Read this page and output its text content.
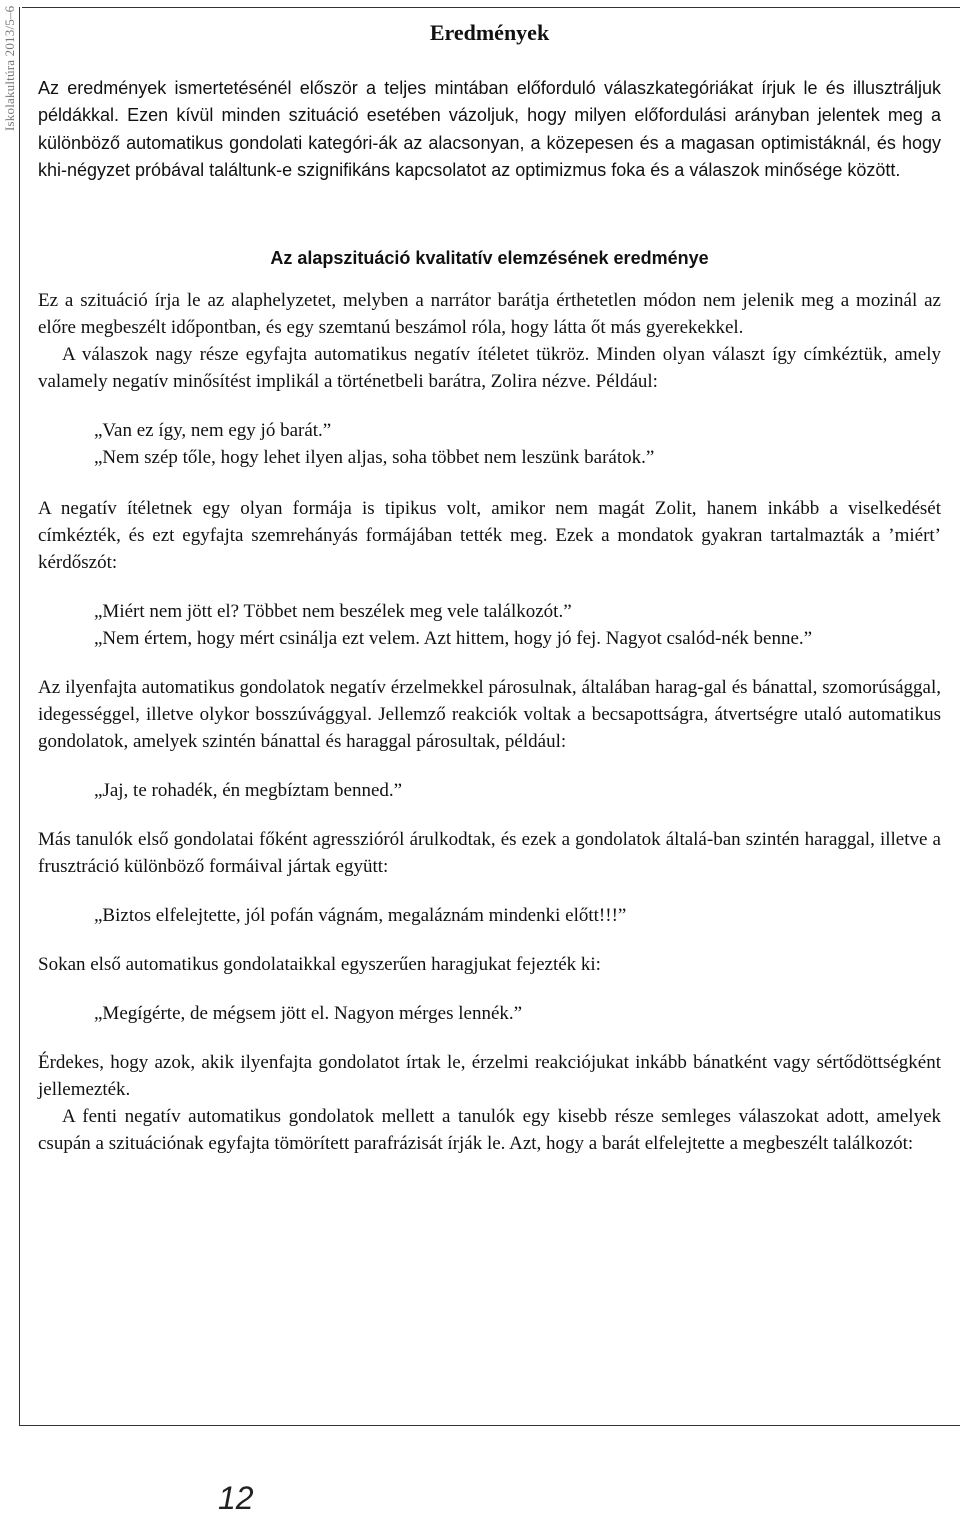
Iskolakultúra 2013/5–6	Eredmények

Az eredmények ismertetésénél először a teljes mintában előforduló válaszkategóriákat írjuk le és illusztráljuk példákkal. Ezen kívül minden szituáció esetében vázoljuk, hogy milyen előfordulási arányban jelentek meg a különböző automatikus gondolati kategóri-ák az alacsonyan, a közepesen és a magasan optimistáknál, és hogy khi-négyzet próbával találtunk-e szignifikáns kapcsolatot az optimizmus foka és a válaszok minősége között.

Az alapszituáció kvalitatív elemzésének eredménye

Ez a szituáció írja le az alaphelyzetet, melyben a narrátor barátja érthetetlen módon nem jelenik meg a mozinál az előre megbeszélt időpontban, és egy szemtanú beszámol róla, hogy látta őt más gyerekekkel.

A válaszok nagy része egyfajta automatikus negatív ítéletet tükröz. Minden olyan választ így címkéztük, amely valamely negatív minősítést implikál a történetbeli barátra, Zolira nézve. Például:

„Van ez így, nem egy jó barát.”

„Nem szép tőle, hogy lehet ilyen aljas, soha többet nem leszünk barátok.”

A negatív ítéletnek egy olyan formája is tipikus volt, amikor nem magát Zolit, hanem inkább a viselkedését címkézték, és ezt egyfajta szemrehányás formájában tették meg. Ezek a mondatok gyakran tartalmazták a ’miért’ kérdőszót:

„Miért nem jött el? Többet nem beszélek meg vele találkozót.”

„Nem értem, hogy mért csinálja ezt velem. Azt hittem, hogy jó fej. Nagyot csalód-nék benne.”

Az ilyenfajta automatikus gondolatok negatív érzelmekkel párosulnak, általában harag-gal és bánattal, szomorúsággal, idegességgel, illetve olykor bosszúvággyal. Jellemző reakciók voltak a becsapottságra, átvertségre utaló automatikus gondolatok, amelyek szintén bánattal és haraggal párosultak, például:

„Jaj, te rohadék, én megbíztam benned.”

Más tanulók első gondolatai főként agresszióról árulkodtak, és ezek a gondolatok általá-ban szintén haraggal, illetve a frusztráció különböző formáival jártak együtt:

„Biztos elfelejtette, jól pofán vágnám, megaláznám mindenki előtt!!!”

Sokan első automatikus gondolataikkal egyszerűen haragjukat fejezték ki:

„Megígérte, de mégsem jött el. Nagyon mérges lennék.”

Érdekes, hogy azok, akik ilyenfajta gondolatot írtak le, érzelmi reakciójukat inkább bánatként vagy sértődöttségként jellemezték.

A fenti negatív automatikus gondolatok mellett a tanulók egy kisebb része semleges válaszokat adott, amelyek csupán a szituációnak egyfajta tömörített parafrázisát írják le. Azt, hogy a barát elfelejtette a megbeszélt találkozót:

12
